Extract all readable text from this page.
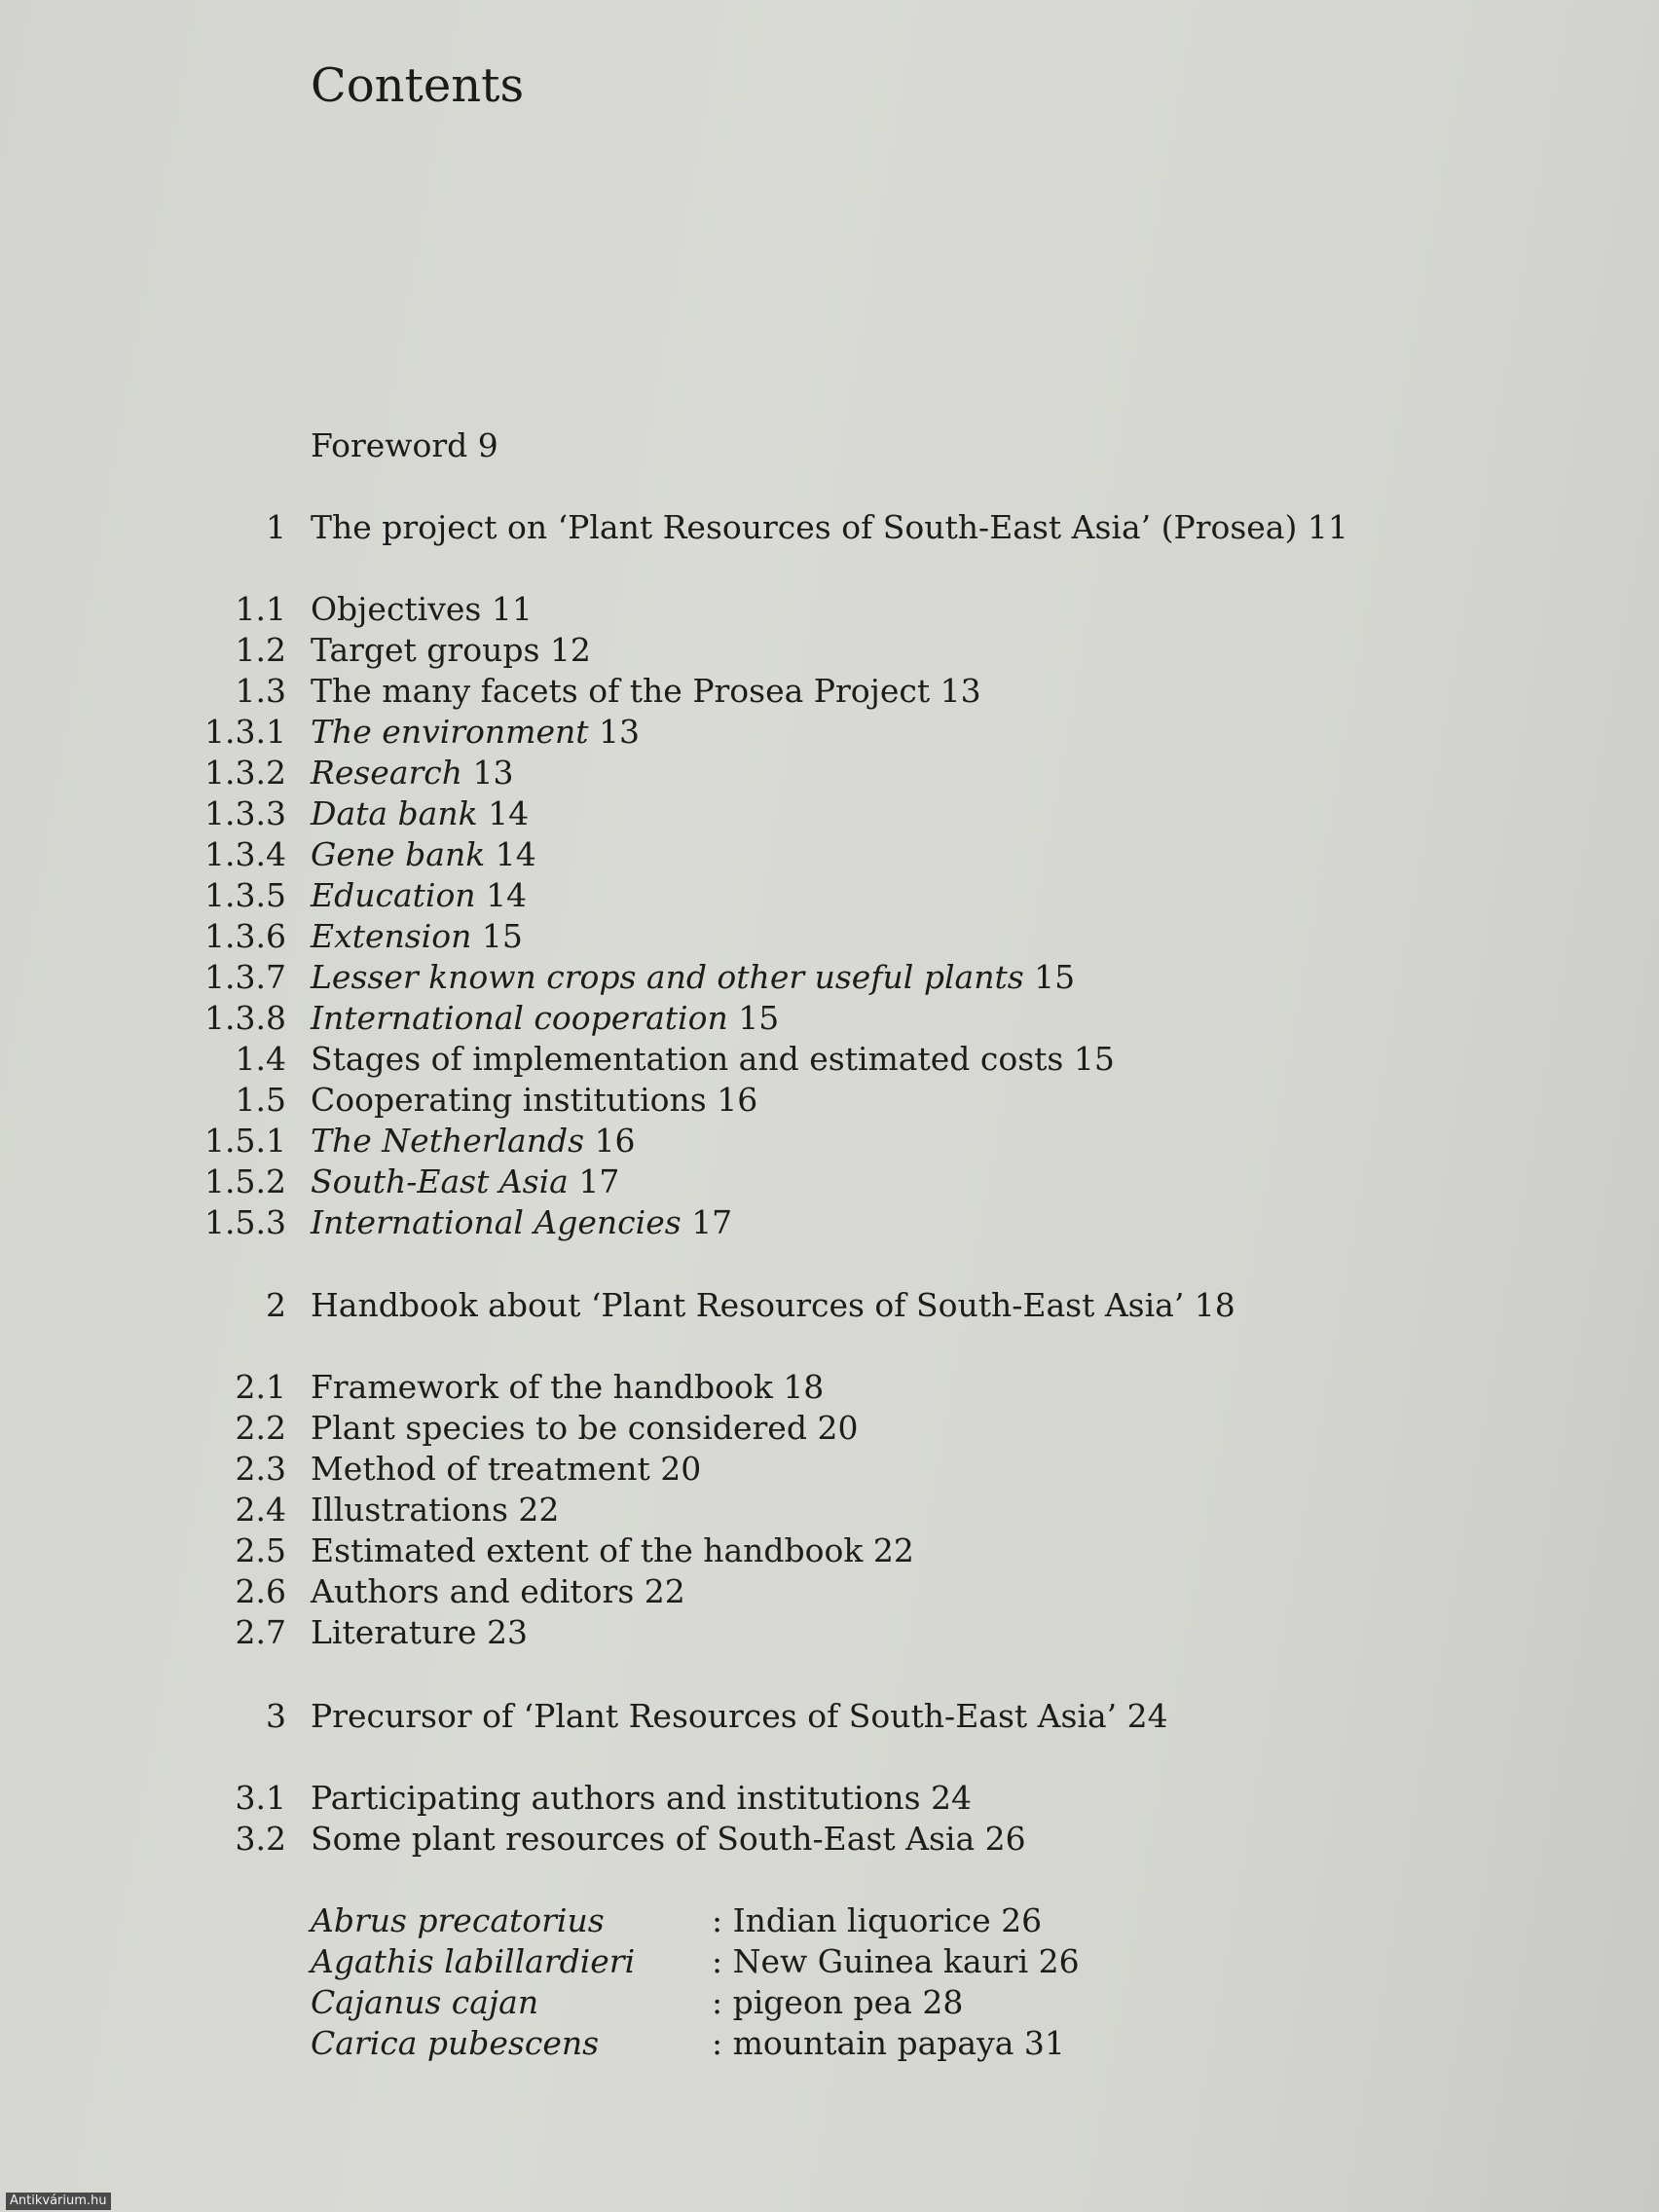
Contents
Foreword 9
1 The project on ‘Plant Resources of South-East Asia’ (Prosea) 11
1.1 Objectives 11
1.2 Target groups 12
1.3 The many facets of the Prosea Project 13
1.3.1 The environment 13
1.3.2 Research 13
1.3.3 Data bank 14
1.3.4 Gene bank 14
1.3.5 Education 14
1.3.6 Extension 15
1.3.7 Lesser known crops and other useful plants 15
1.3.8 International cooperation 15
1.4 Stages of implementation and estimated costs 15
1.5 Cooperating institutions 16
1.5.1 The Netherlands 16
1.5.2 South-East Asia 17
1.5.3 International Agencies 17
2 Handbook about ‘Plant Resources of South-East Asia’ 18
2.1 Framework of the handbook 18
2.2 Plant species to be considered 20
2.3 Method of treatment 20
2.4 Illustrations 22
2.5 Estimated extent of the handbook 22
2.6 Authors and editors 22
2.7 Literature 23
3 Precursor of ‘Plant Resources of South-East Asia’ 24
3.1 Participating authors and institutions 24
3.2 Some plant resources of South-East Asia 26
Abrus precatorius	: Indian liquorice 26
Agathis labillardieri : New Guinea kauri 26
Cajanus cajan	: pigeon pea 28
Carica pubescens	: mountain papaya 31
Antikvárium.hu
